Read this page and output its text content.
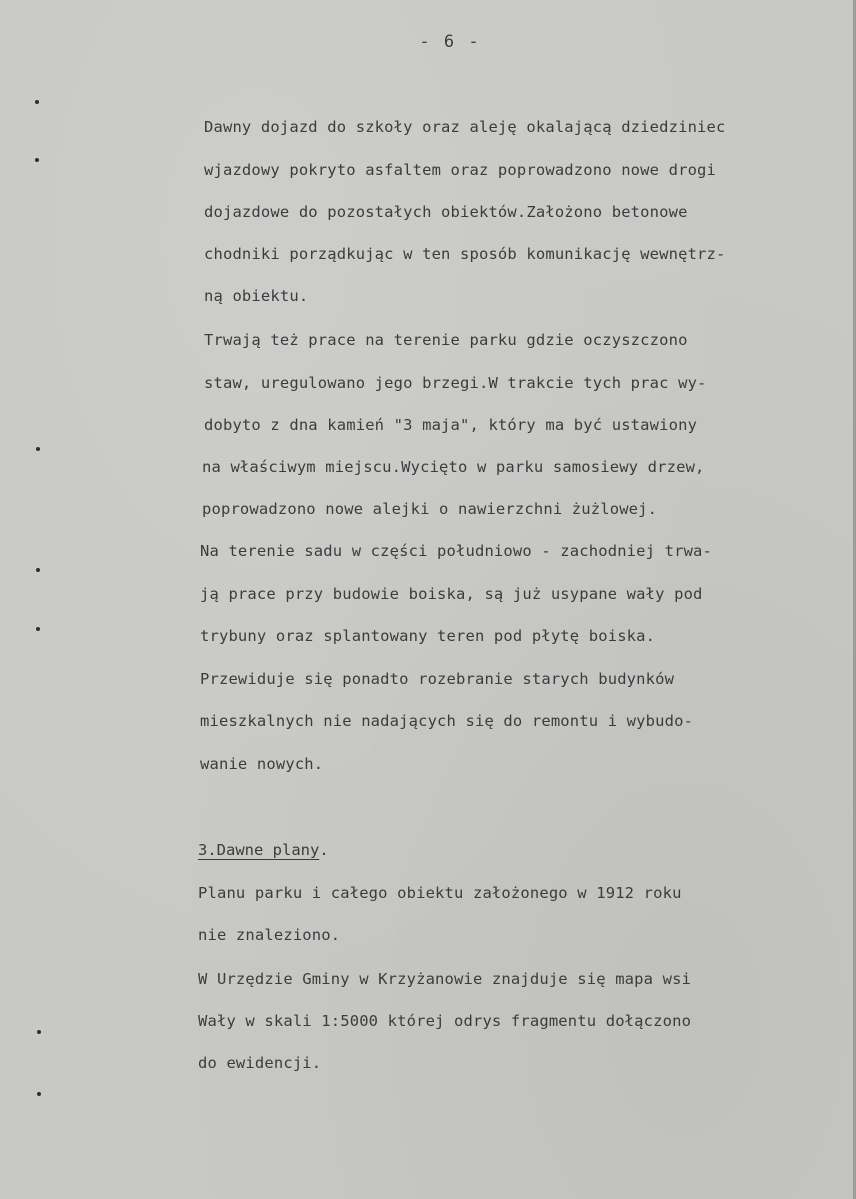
- 6 -
Dawny dojazd do szkoły oraz aleję okalającą dziedziniec
wjazdowy pokryto asfaltem oraz poprowadzono nowe drogi
dojazdowe do pozostałych obiektów.Założono betonowe
chodniki porządkując w ten sposób komunikację wewnętrz-
ną obiektu.
Trwają też prace na terenie parku gdzie oczyszczono
staw, uregulowano jego brzegi.W trakcie tych prac wy-
dobyto z dna kamień "3 maja", który ma być ustawiony
na właściwym miejscu.Wycięto w parku samosiewy drzew,
poprowadzono nowe alejki o nawierzchni żużlowej.
Na terenie sadu w części południowo - zachodniej trwa-
ją prace przy budowie boiska, są już usypane wały pod
trybuny oraz splantowany teren pod płytę boiska.
Przewiduje się ponadto rozebranie starych budynków
mieszkalnych nie nadających się do remontu i wybudo-
wanie nowych.
3.Dawne plany.
Planu parku i całego obiektu założonego w 1912 roku
nie znaleziono.
W Urzędzie Gminy w Krzyżanowie znajduje się mapa wsi
Wały w skali 1:5000 której odrys fragmentu dołączono
do ewidencji.
